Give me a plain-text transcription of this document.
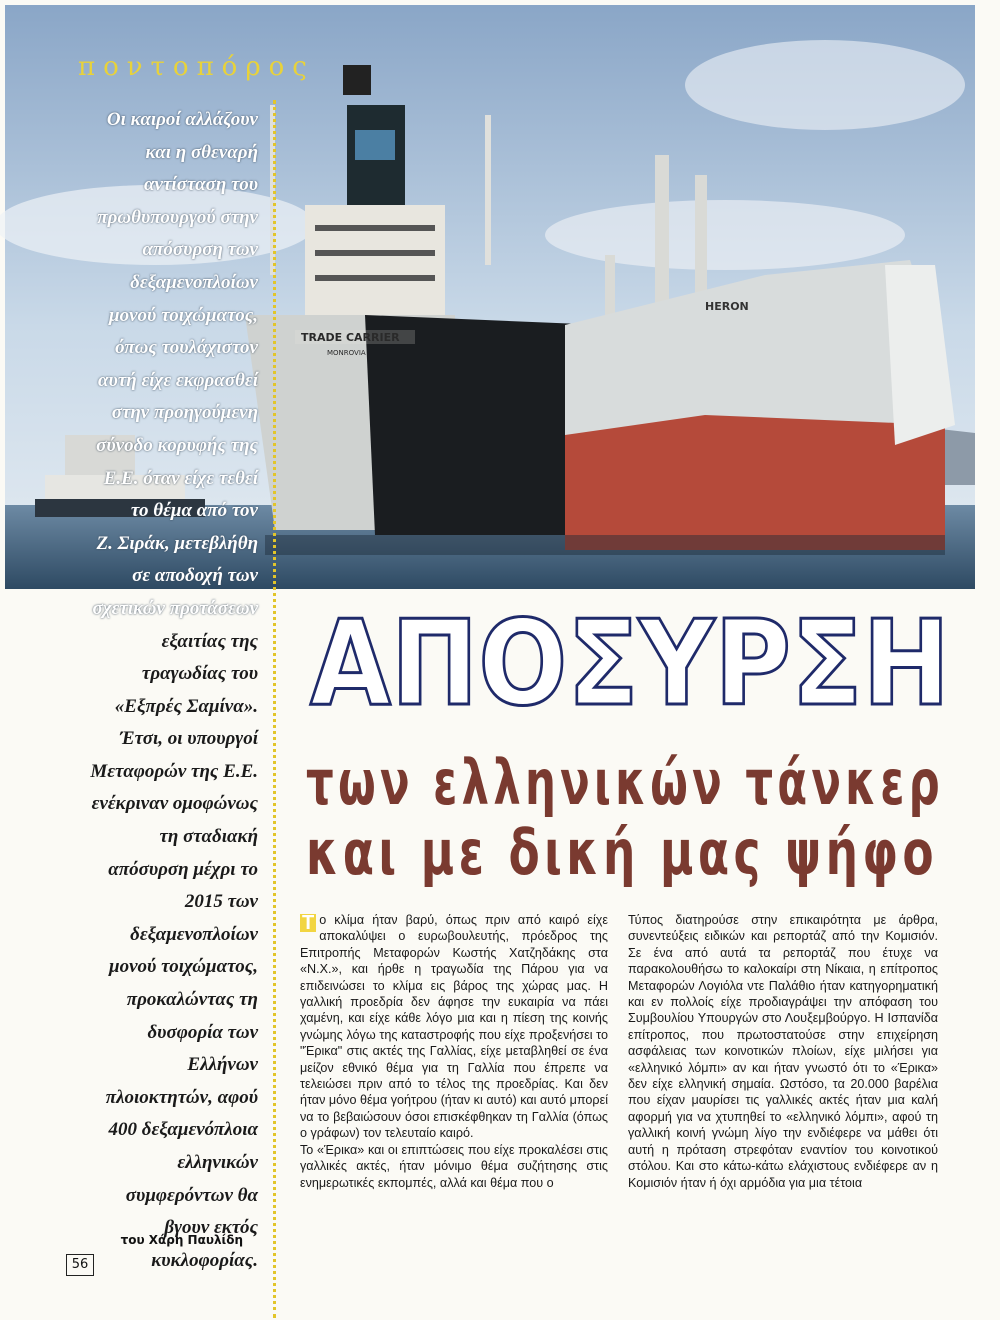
TRADE CARRIER
MONROVIA
HERON
ποντοπόρος
Οι καιροί αλλάζουν
και η σθεναρή
αντίσταση του
πρωθυπουργού στην
απόσυρση των
δεξαμενοπλοίων
μονού τοιχώματος,
όπως τουλάχιστον
αυτή είχε εκφρασθεί
στην προηγούμενη
σύνοδο κορυφής της
Ε.Ε. όταν είχε τεθεί
το θέμα από τον
Ζ. Σιράκ, μετεβλήθη
σε αποδοχή των
σχετικών προτάσεων
εξαιτίας της
τραγωδίας του
«Εξπρές Σαμίνα».
Έτσι, οι υπουργοί
Μεταφορών της Ε.Ε.
ενέκριναν ομοφώνως
τη σταδιακή
απόσυρση μέχρι το
2015 των
δεξαμενοπλοίων
μονού τοιχώματος,
προκαλώντας τη
δυσφορία των
Ελλήνων
πλοιοκτητών, αφού
400 δεξαμενόπλοια
ελληνικών
συμφερόντων θα
βγουν εκτός
κυκλοφορίας.
του Χάρη Παυλίδη
56
ΑΠΟΣΥΡΣΗ
των ελληνικών τάνκερ
και με δική μας ψήφο

Τ ο κλίμα ήταν βαρύ, όπως πριν από καιρό είχε αποκαλύψει ο ευρωβουλευτής, πρόεδρος της Επιτροπής Μεταφορών Κωστής Χατζηδάκης στα «Ν.Χ.», και ήρθε η τραγωδία της Πάρου για να επιδεινώσει το κλίμα εις βάρος της χώρας μας. Η γαλλική προεδρία δεν άφησε την ευκαιρία να πάει χαμένη, και είχε κάθε λόγο μια και η πίεση της κοινής γνώμης λόγω της καταστροφής που είχε προξενήσει το "Έρικα" στις ακτές της Γαλλίας, είχε μεταβληθεί σε ένα μείζον εθνικό θέμα για τη Γαλλία που έπρεπε να τελειώσει πριν από το τέλος της προεδρίας. Και δεν ήταν μόνο θέμα γοήτρου (ήταν κι αυτό) και αυτό μπορεί να το βεβαιώσουν όσοι επισκέφθηκαν τη Γαλλία (όπως ο γράφων) τον τελευταίο καιρό.

Το «Έρικα» και οι επιπτώσεις που είχε προκαλέσει στις γαλλικές ακτές, ήταν μόνιμο θέμα συζήτησης στις ενημερωτικές εκπομπές, αλλά και θέμα που ο

Τύπος διατηρούσε στην επικαιρότητα με άρθρα, συνεντεύξεις ειδικών και ρεπορτάζ από την Κομισιόν. Σε ένα από αυτά τα ρεπορτάζ που έτυχε να παρακολουθήσω το καλοκαίρι στη Νίκαια, η επίτροπος Μεταφορών Λογιόλα ντε Παλάθιο ήταν κατηγορηματική και εν πολλοίς είχε προδιαγράψει την απόφαση του Συμβουλίου Υπουργών στο Λουξεμβούργο. Η Ισπανίδα επίτροπος, που πρωτοστατούσε στην επιχείρηση ασφάλειας των κοινοτικών πλοίων, είχε μιλήσει για «ελληνικό λόμπι» αν και ήταν γνωστό ότι το «Έρικα» δεν είχε ελληνική σημαία. Ωστόσο, τα 20.000 βαρέλια που είχαν μαυρίσει τις γαλλικές ακτές ήταν μια καλή αφορμή για να χτυπηθεί το «ελληνικό λόμπι», αφού τη γαλλική κοινή γνώμη λίγο την ενδιέφερε να μάθει ότι αυτή η πρόταση στρεφόταν εναντίον του κοινοτικού στόλου. Και στο κάτω-κάτω ελάχιστους ενδιέφερε αν η Κομισιόν ήταν ή όχι αρμόδια για μια τέτοια
